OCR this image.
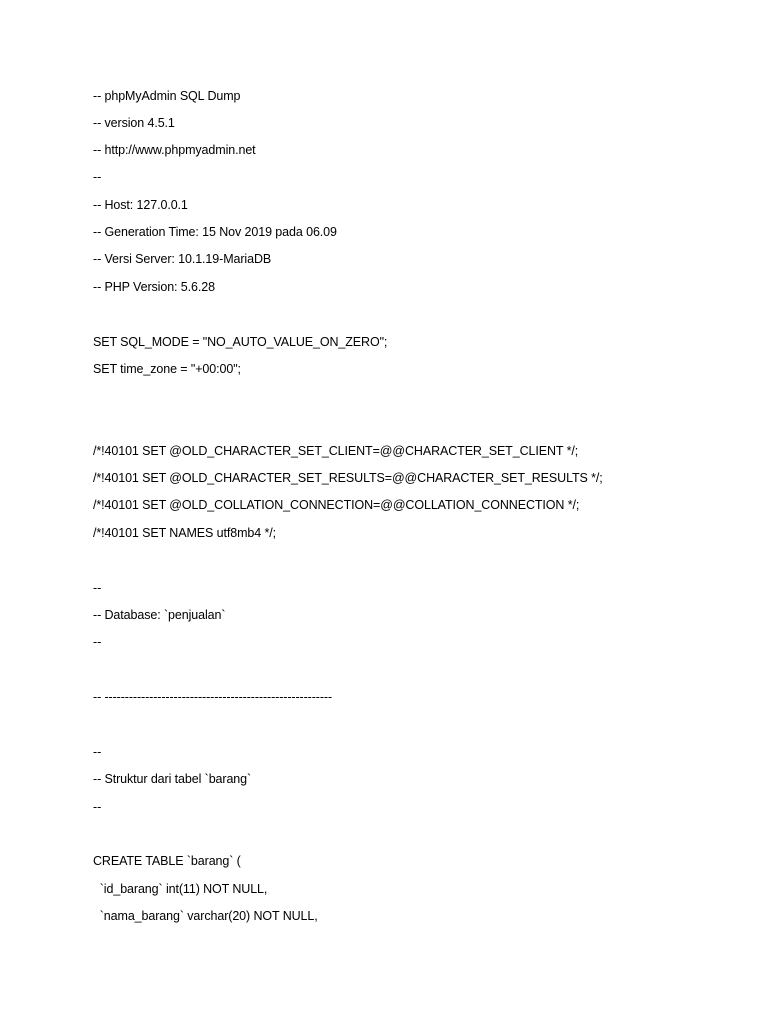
-- phpMyAdmin SQL Dump
-- version 4.5.1
-- http://www.phpmyadmin.net
--
-- Host: 127.0.0.1
-- Generation Time: 15 Nov 2019 pada 06.09
-- Versi Server: 10.1.19-MariaDB
-- PHP Version: 5.6.28
SET SQL_MODE = "NO_AUTO_VALUE_ON_ZERO";
SET time_zone = "+00:00";
/*!40101 SET @OLD_CHARACTER_SET_CLIENT=@@CHARACTER_SET_CLIENT */;
/*!40101 SET @OLD_CHARACTER_SET_RESULTS=@@CHARACTER_SET_RESULTS */;
/*!40101 SET @OLD_COLLATION_CONNECTION=@@COLLATION_CONNECTION */;
/*!40101 SET NAMES utf8mb4 */;
--
-- Database: `penjualan`
--
-- --------------------------------------------------------
--
-- Struktur dari tabel `barang`
--
CREATE TABLE `barang` (
`id_barang` int(11) NOT NULL,
`nama_barang` varchar(20) NOT NULL,
